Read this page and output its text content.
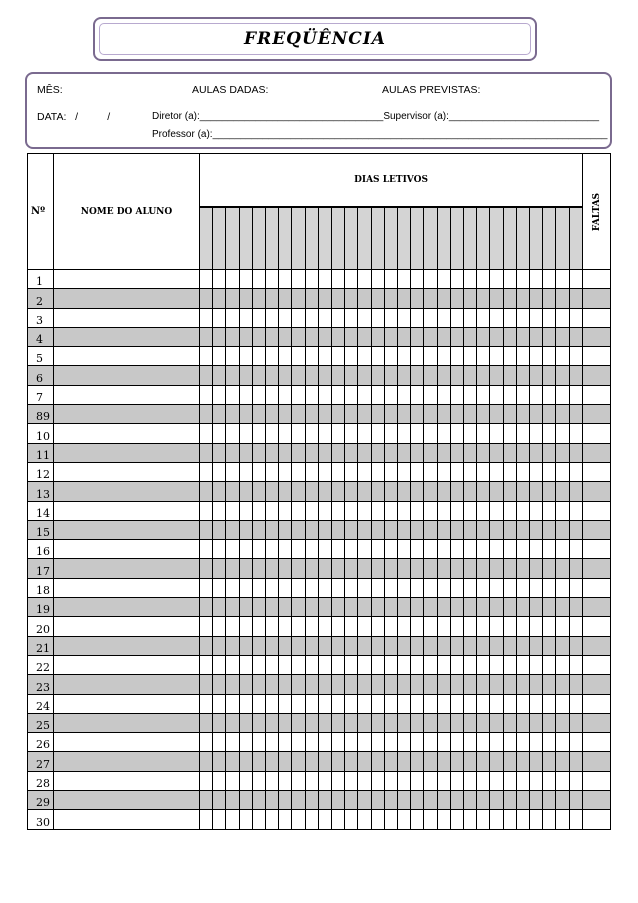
FREQÜÊNCIA
MÊS:	AULAS DADAS:	AULAS PREVISTAS:
DATA:   /          /	Diretor (a):_________________________________Supervisor (a):___________________________
Professor (a):_______________________________________________________________________
Nº	NOME DO ALUNO	DIAS LETIVOS																													FALTAS

1																															
2																															
3																															
4																															
5																															
6																															
7																															
89																															
10																															
11																															
12																															
13																															
14																															
15																															
16																															
17																															
18																															
19																															
20																															
21																															
22																															
23																															
24																															
25																															
26																															
27																															
28																															
29																															
30																															
